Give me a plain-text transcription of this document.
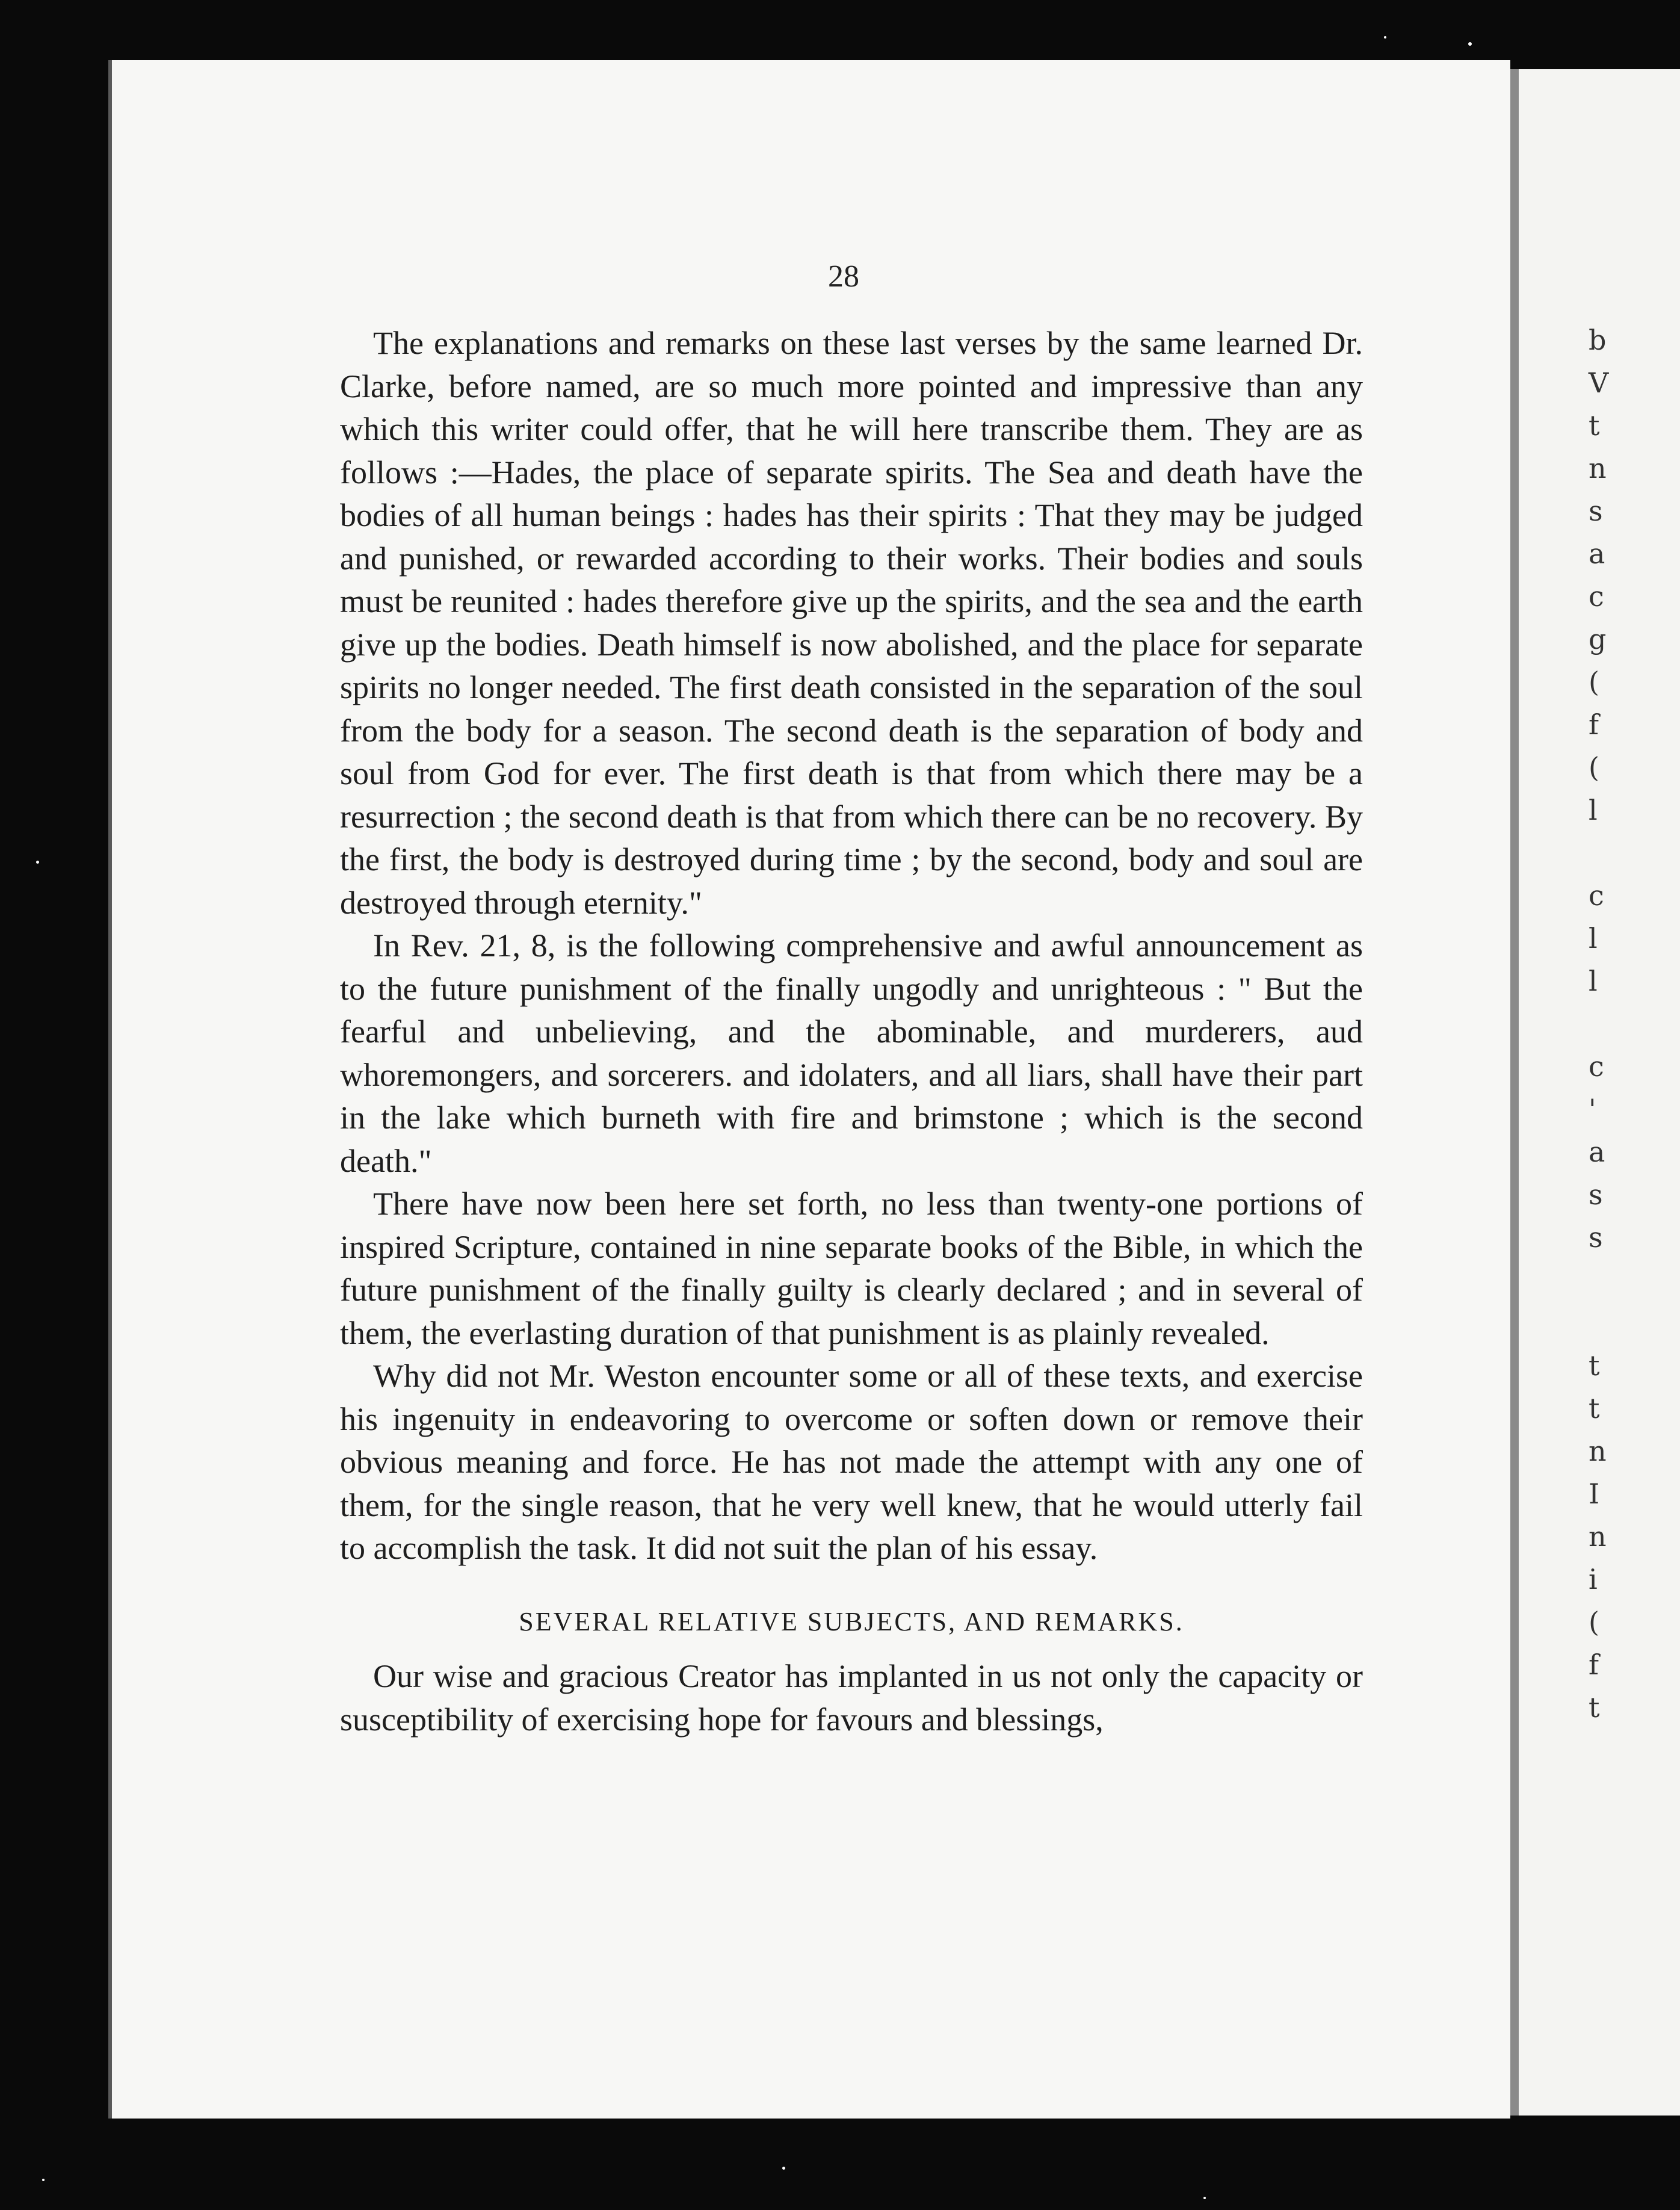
b
V
t
n
s
a
c
g
(
f
(
l
c
l
l
c
'
a
s
s
t
t
n
I
n
i
(
f
t
28

The explanations and remarks on these last verses by the same learned Dr. Clarke, before named, are so much more pointed and impressive than any which this writer could offer, that he will here transcribe them. They are as follows :—Hades, the place of separate spirits. The Sea and death have the bodies of all human beings : hades has their spirits : That they may be judged and punished, or rewarded according to their works. Their bodies and souls must be reunited : hades therefore give up the spirits, and the sea and the earth give up the bodies. Death himself is now abolished, and the place for separate spirits no longer needed. The first death consisted in the separation of the soul from the body for a season. The second death is the separation of body and soul from God for ever. The first death is that from which there may be a resurrection ; the second death is that from which there can be no recovery. By the first, the body is destroyed during time ; by the second, body and soul are destroyed through eternity."

In Rev. 21, 8, is the following comprehensive and awful announcement as to the future punishment of the finally ungodly and unrighteous : " But the fearful and unbelieving, and the abominable, and murderers, aud whoremongers, and sorcerers. and idolaters, and all liars, shall have their part in the lake which burneth with fire and brimstone ; which is the second death."

There have now been here set forth, no less than twenty-one portions of inspired Scripture, contained in nine separate books of the Bible, in which the future punishment of the finally guilty is clearly declared ; and in several of them, the everlasting duration of that punishment is as plainly revealed.

Why did not Mr. Weston encounter some or all of these texts, and exercise his ingenuity in endeavoring to overcome or soften down or remove their obvious meaning and force. He has not made the attempt with any one of them, for the single reason, that he very well knew, that he would utterly fail to accomplish the task. It did not suit the plan of his essay.

SEVERAL RELATIVE SUBJECTS, AND REMARKS.

Our wise and gracious Creator has implanted in us not only the capacity or susceptibility of exercising hope for favours and blessings,
